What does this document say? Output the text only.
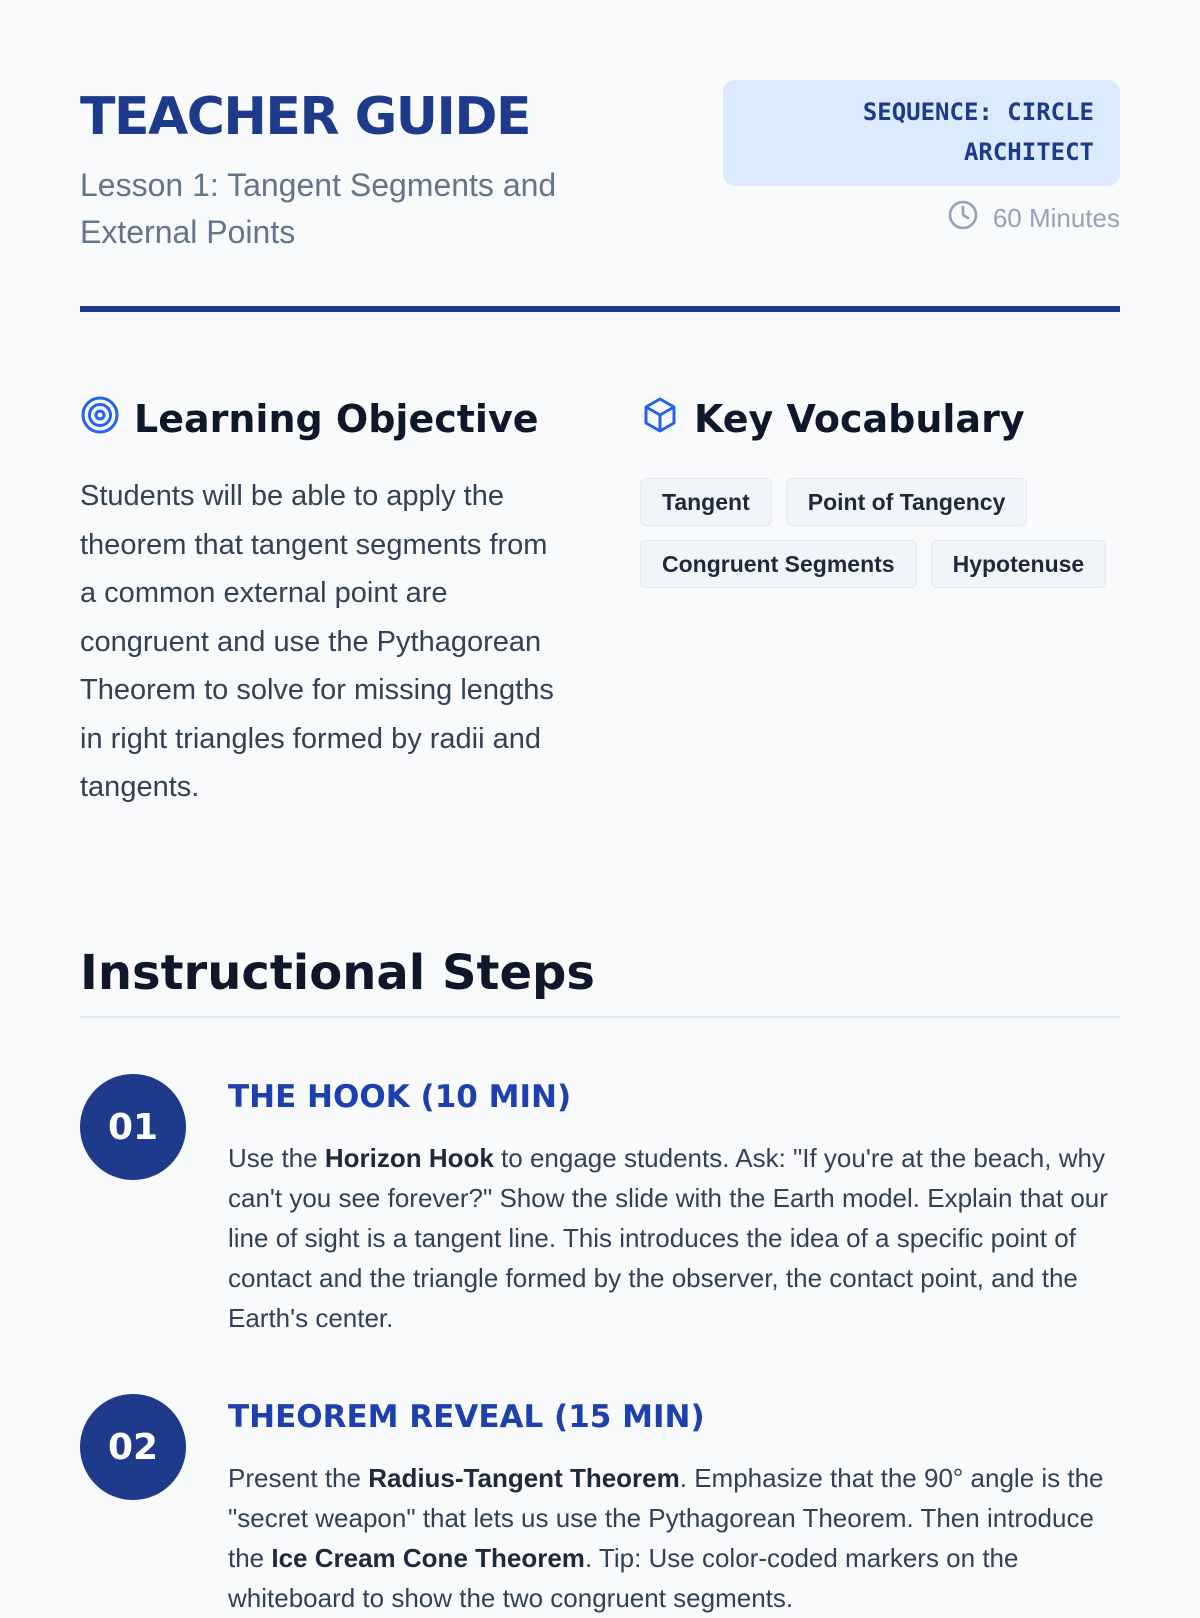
TEACHER GUIDE

Lesson 1: Tangent Segments and External Points

SEQUENCE: CIRCLE
ARCHITECT
60 Minutes
Learning Objective

Students will be able to apply the theorem that tangent segments from a common external point are congruent and use the Pythagorean Theorem to solve for missing lengths in right triangles formed by radii and tangents.

Key Vocabulary
Tangent	Point of Tangency
Congruent Segments	Hypotenuse
Instructional Steps
01
THE HOOK (10 MIN)

Use the Horizon Hook to engage students. Ask: "If you're at the beach, why can't you see forever?" Show the slide with the Earth model. Explain that our line of sight is a tangent line. This introduces the idea of a specific point of contact and the triangle formed by the observer, the contact point, and the Earth's center.

02
THEOREM REVEAL (15 MIN)

Present the Radius-Tangent Theorem. Emphasize that the 90° angle is the "secret weapon" that lets us use the Pythagorean Theorem. Then introduce the Ice Cream Cone Theorem. Tip: Use color-coded markers on the whiteboard to show the two congruent segments.
